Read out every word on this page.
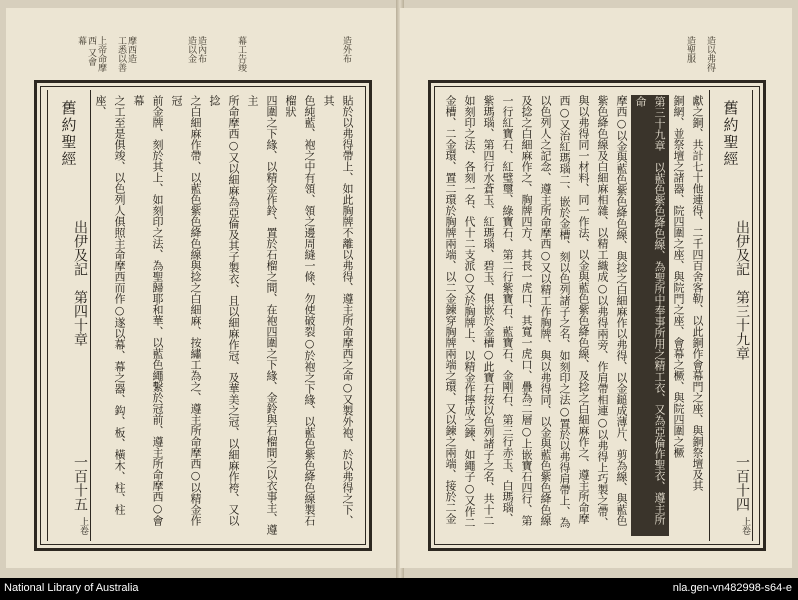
上帝命摩西 又會幕	摩西造 工悉以善	造內布 造以金	幕工告竣	造外布
舊約聖經
出伊及記　第四十章
一百十五
上卷	貼於以弗得帶上、如此胸牌不離以弗得、遵主所命摩西之命○又製外袍、於以弗得之下、其
色純藍、袍之中有領、領之邊周縫一條、勿使破裂○於袍之下緣、以藍色紫色絳色線製石榴狀
四圍之下緣、以精金作鈴、置於石榴之間、在袍四圍之下緣、金鈴與石榴間之以衣事主、遵主
所命摩西○又以細麻為亞倫及其子製衣、且以細麻作冠、及華美之冠、以細麻作袴、又以捻
之白細麻作帶、以藍色紫色絳色線與捻之白細麻、按繡工為之、遵主所命摩西○以精金作冠
前金牌、刻於其上、如刻印之法、為聖歸耶和華、以藍色繩繫於冠前、遵主所命摩西○會幕
之工至是俱竣、以色列人俱照主命摩西而作○遂以幕、幕之器、鈎、板、橫木、柱、柱座、
造聖服 造以弗得
獻之銅、共計七十他連得、二千四百舍客勒、以此銅作會幕門之座、與銅祭壇及其
銅網、並祭壇之諸器、院四圍之座、與院門之座、會幕之橛、與院四圍之橛
第三十九章　以藍色紫色絳色線、為聖所中奉事所用之精工衣、又為亞倫作聖衣、遵主所命
摩西○以金與藍色紫色絳色線、與捻之白細麻作以弗得、以金鎚成薄片、剪為線、與藍色
紫色絳色線及白細麻相雜、以精工織成○以弗得兩旁、作肩帶相連○以弗得上巧製之帶、
與以弗得同一材料、同一作法、以金與藍色紫色絳色線、及捻之白細麻作之、遵主所命摩
西○又治紅瑪瑙二、嵌於金槽、刻以色列諸子之名、如刻印之法○置於以弗得肩帶上、為
以色列人之記念、遵主所命摩西○又以精工作胸牌、與以弗得同、以金與藍色紫色絳色線
及捻之白細麻作之、胸牌四方、其長一虎口、其寬一虎口、疊為二層○上嵌寶石四行、第
一行紅寶石、紅璧璽、綠寶石、第二行紫寶石、藍寶石、金剛石、第三行赤玉、白瑪瑙、
紫瑪瑙、第四行水蒼玉、紅瑪瑙、碧玉、俱嵌於金槽○此寶石按以色列諸子之名、共十二
如刻印之法、各刻一名、代十二支派○又於胸牌上、以精金作擰成之鍊、如繩子○又作二
金槽、二金環、置二環於胸牌兩端、以二金鍊穿胸牌兩端之環、又以鍊之兩端、接於二金	舊約聖經
出伊及記　第三十九章
一百十四
上卷
National Library of Australia	nla.gen-vn482998-s64-e
